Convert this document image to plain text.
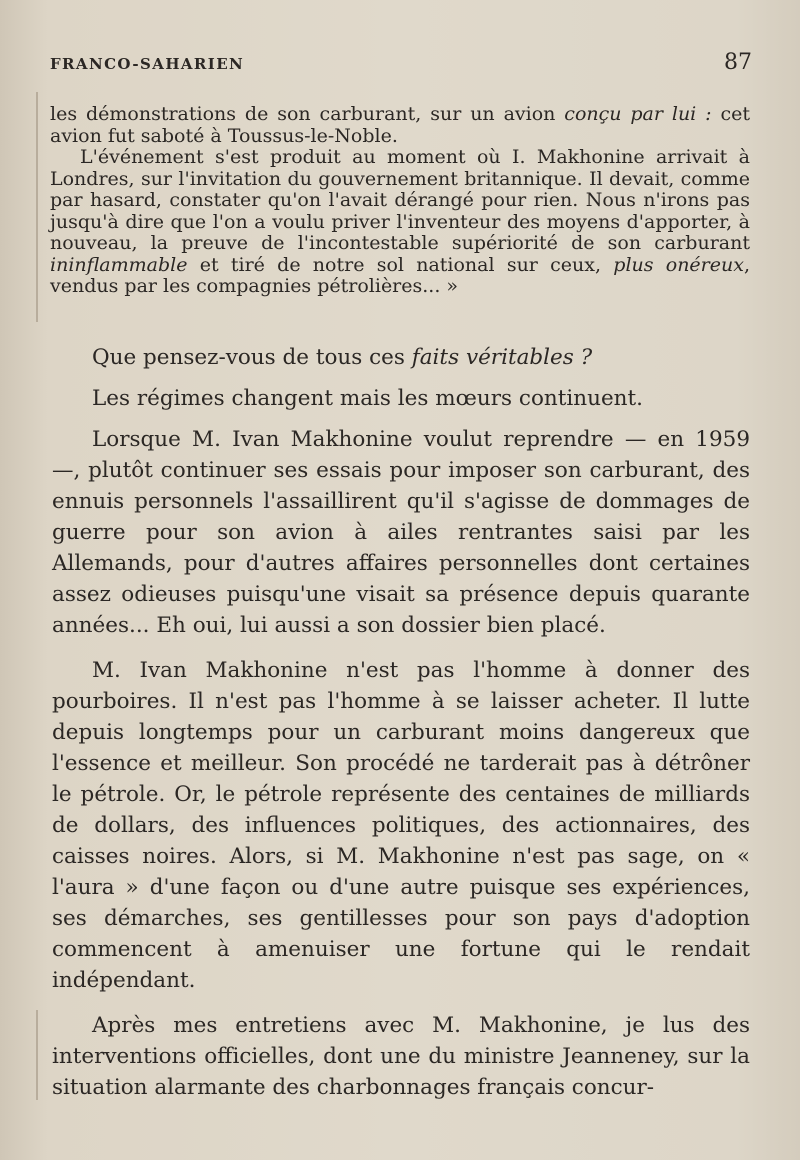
FRANCO-SAHARIEN	87

les démonstrations de son carburant, sur un avion conçu par lui : cet avion fut saboté à Toussus-le-Noble.

L'événement s'est produit au moment où I. Makhonine arrivait à Londres, sur l'invitation du gouvernement britannique. Il devait, comme par hasard, constater qu'on l'avait dérangé pour rien. Nous n'irons pas jusqu'à dire que l'on a voulu priver l'inventeur des moyens d'apporter, à nouveau, la preuve de l'incontestable supériorité de son carburant ininflammable et tiré de notre sol national sur ceux, plus onéreux, vendus par les compagnies pétrolières... »

Que pensez-vous de tous ces faits véritables ?

Les régimes changent mais les mœurs continuent.

Lorsque M. Ivan Makhonine voulut reprendre — en 1959 —, plutôt continuer ses essais pour imposer son carburant, des ennuis personnels l'assaillirent qu'il s'agisse de dommages de guerre pour son avion à ailes rentrantes saisi par les Allemands, pour d'autres affaires personnelles dont certaines assez odieuses puisqu'une visait sa présence depuis quarante années... Eh oui, lui aussi a son dossier bien placé.

M. Ivan Makhonine n'est pas l'homme à donner des pourboires. Il n'est pas l'homme à se laisser acheter. Il lutte depuis longtemps pour un carburant moins dangereux que l'essence et meilleur. Son procédé ne tarderait pas à détrôner le pétrole. Or, le pétrole représente des centaines de milliards de dollars, des influences politiques, des actionnaires, des caisses noires. Alors, si M. Makhonine n'est pas sage, on « l'aura » d'une façon ou d'une autre puisque ses expériences, ses démarches, ses gentillesses pour son pays d'adoption commencent à amenuiser une fortune qui le rendait indépendant.

Après mes entretiens avec M. Makhonine, je lus des interventions officielles, dont une du ministre Jeanneney, sur la situation alarmante des charbonnages français concur-
